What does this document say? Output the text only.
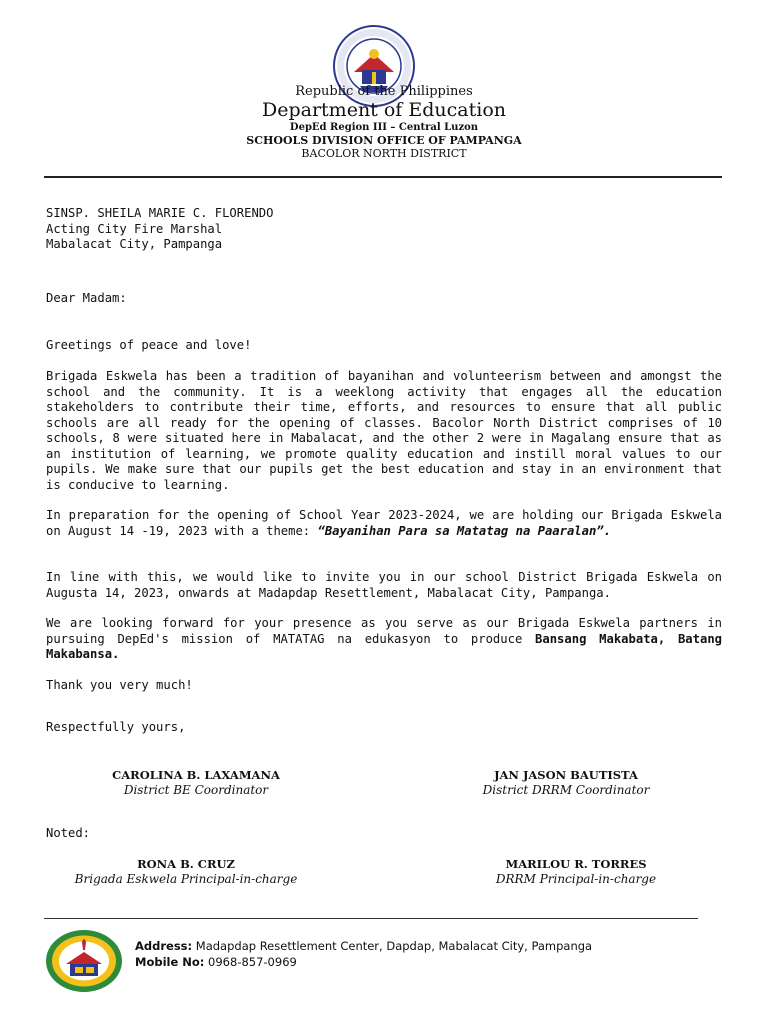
Republic of the Philippines
Department of Education
DepEd Region III – Central Luzon
SCHOOLS DIVISION OFFICE OF PAMPANGA
BACOLOR NORTH DISTRICT
SINSP. SHEILA MARIE C. FLORENDO
Acting City Fire Marshal
Mabalacat City, Pampanga
Dear Madam:
Greetings of peace and love!
Brigada Eskwela has been a tradition of bayanihan and volunteerism between and amongst the school and the community. It is a weeklong activity that engages all the education stakeholders to contribute their time, efforts, and resources to ensure that all public schools are all ready for the opening of classes. Bacolor North District comprises of 10 schools, 8 were situated here in Mabalacat, and the other 2 were in Magalang ensure that as an institution of learning, we promote quality education and instill moral values to our pupils. We make sure that our pupils get the best education and stay in an environment that is conducive to learning.
In preparation for the opening of School Year 2023-2024, we are holding our Brigada Eskwela on August 14 -19, 2023 with a theme: “Bayanihan Para sa Matatag na Paaralan”.
In line with this, we would like to invite you in our school District Brigada Eskwela on Augusta 14, 2023, onwards at Madapdap Resettlement, Mabalacat City, Pampanga.
We are looking forward for your presence as you serve as our Brigada Eskwela partners in pursuing DepEd's mission of MATATAG na edukasyon to produce Bansang Makabata, Batang Makabansa.
Thank you very much!
Respectfully yours,
CAROLINA B. LAXAMANA
District BE Coordinator
JAN JASON BAUTISTA
District DRRM Coordinator
Noted:
RONA B. CRUZ
Brigada Eskwela Principal-in-charge
MARILOU R. TORRES
DRRM Principal-in-charge
Address: Madapdap Resettlement Center, Dapdap, Mabalacat City, Pampanga
Mobile No: 0968-857-0969
